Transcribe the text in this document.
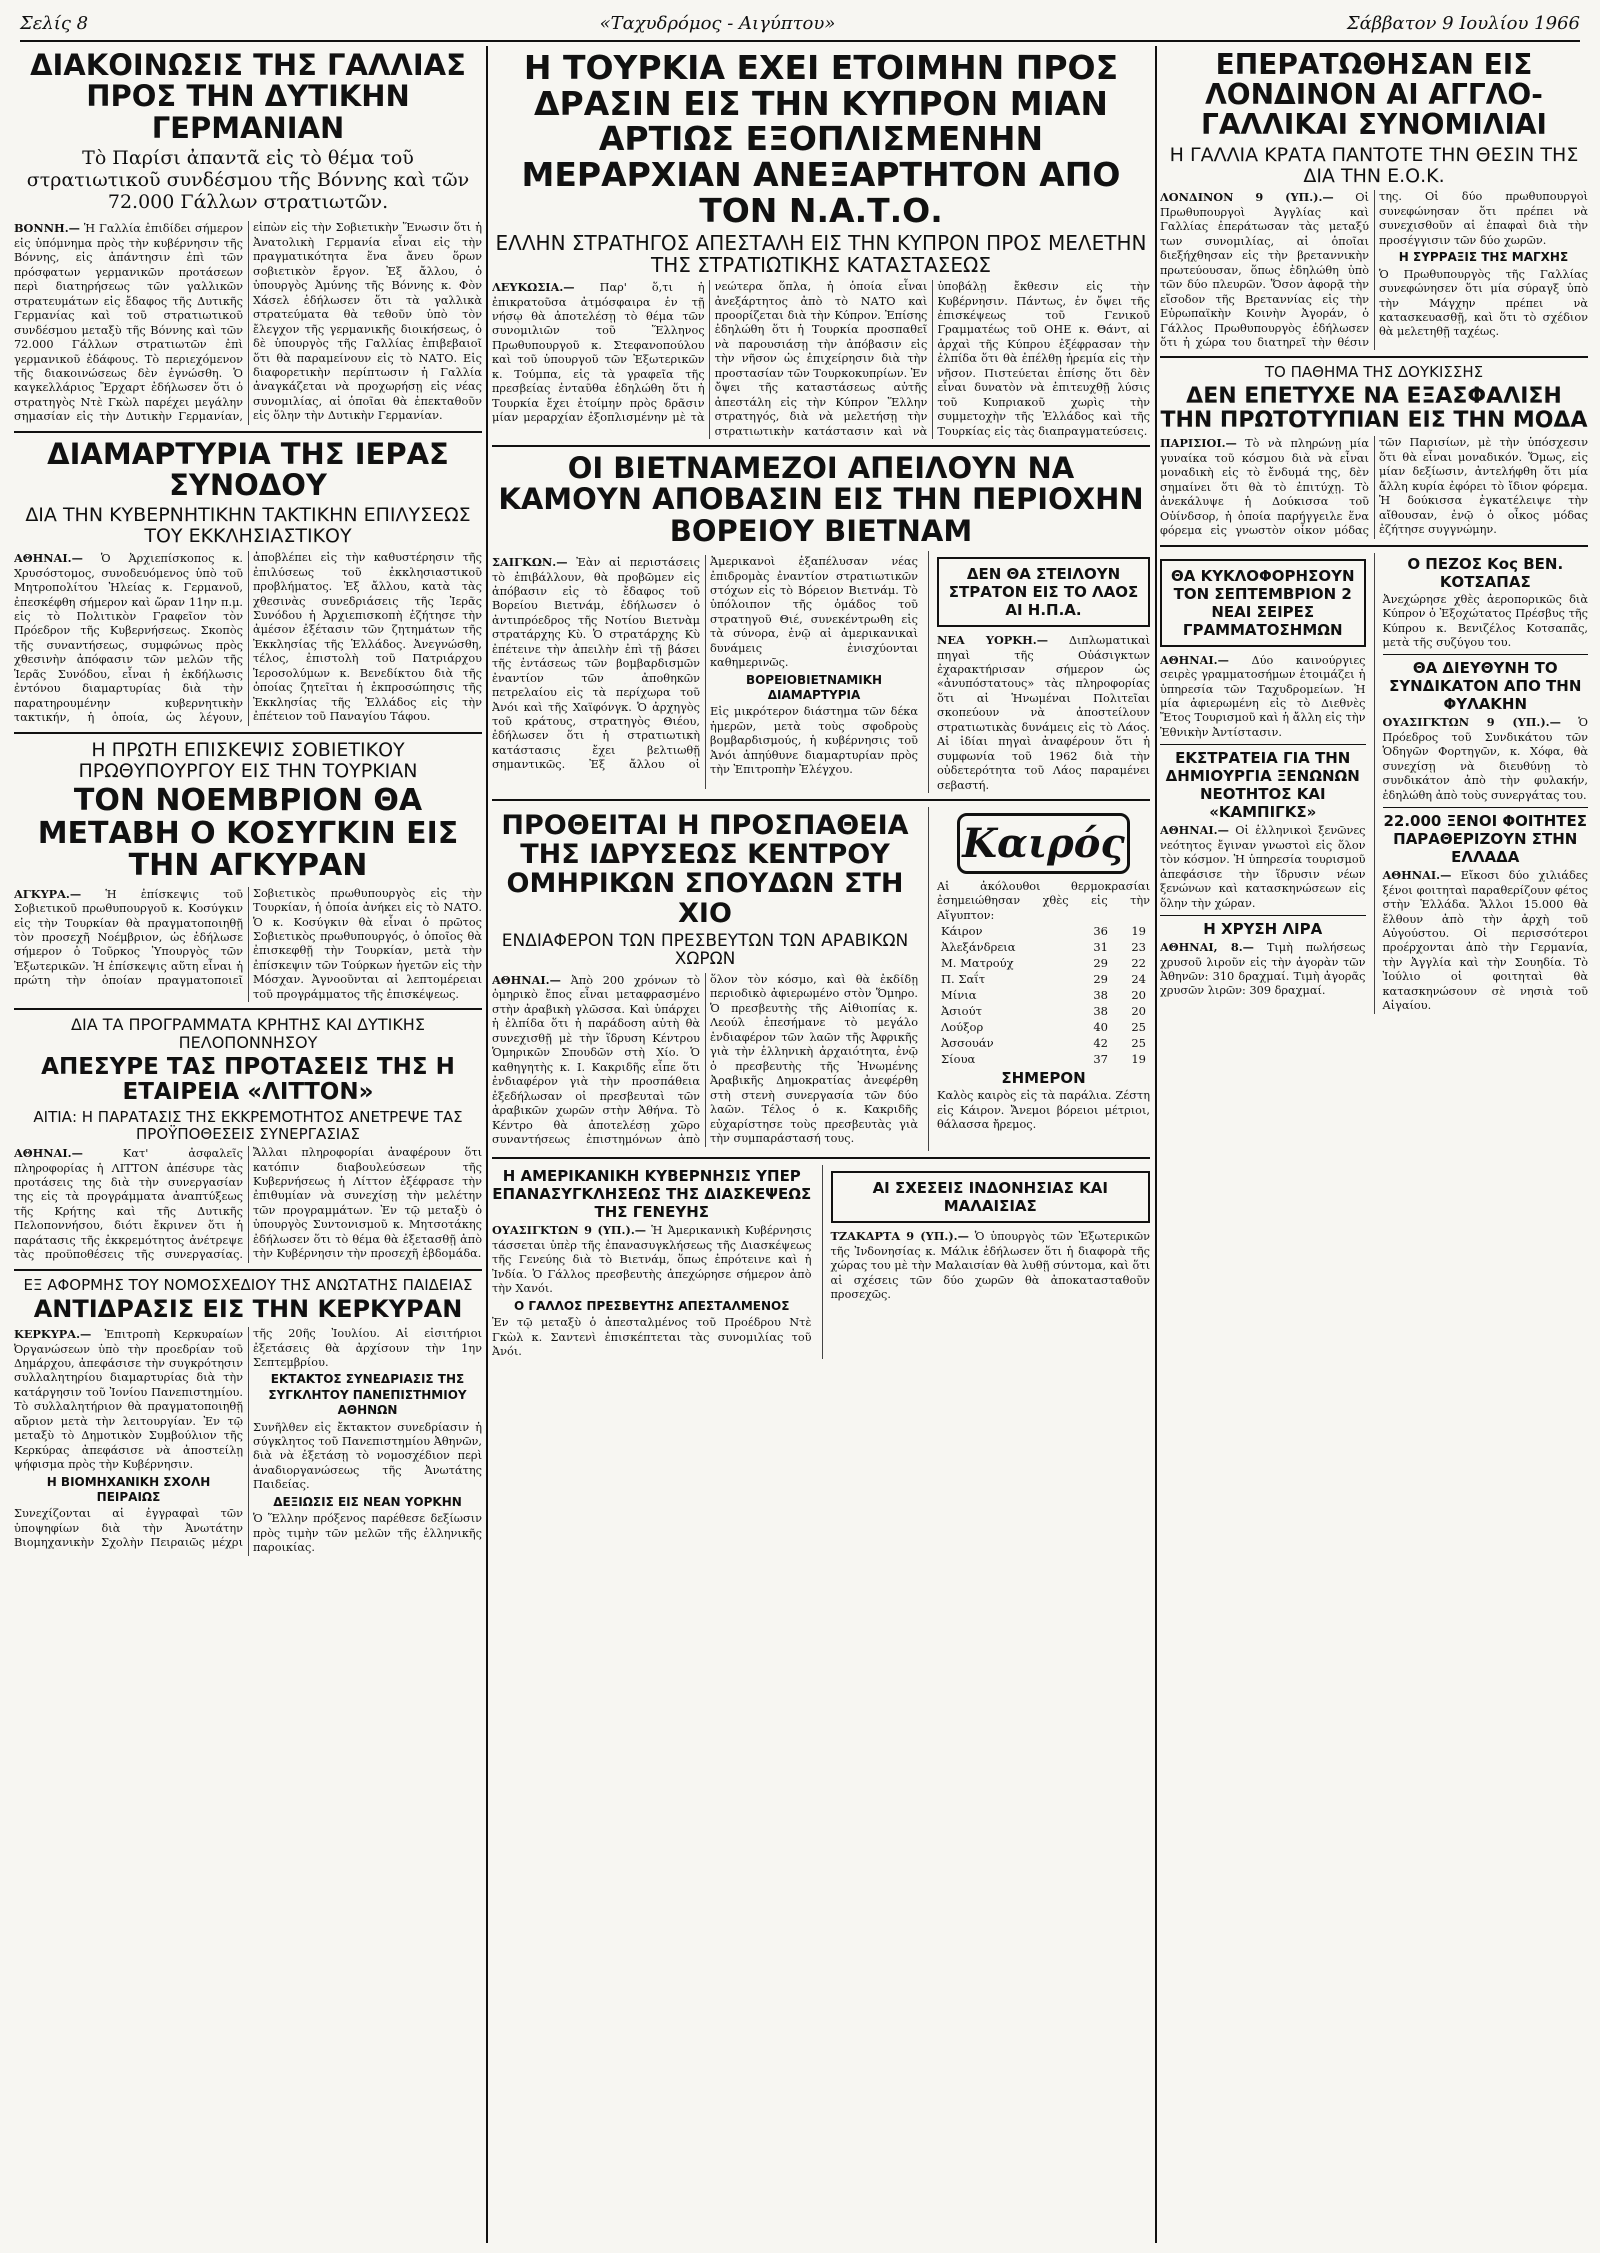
Σελίς 8	«Ταχυδρόμος - Αιγύπτου»	Σάββατον 9 Ιουλίου 1966
ΔΙΑΚΟΙΝΩΣΙΣ ΤΗΣ ΓΑΛΛΙΑΣ ΠΡΟΣ ΤΗΝ ΔΥΤΙΚΗΝ ΓΕΡΜΑΝΙΑΝ
Τὸ Παρίσι ἀπαντᾶ εἰς τὸ θέμα τοῦ στρατιωτικοῦ συνδέσμου τῆς Βόννης καὶ τῶν 72.000 Γάλλων στρατιωτῶν.
ΒΟΝΝΗ.— Ἡ Γαλλία ἐπιδίδει σήμερον εἰς ὑπόμνημα πρὸς τὴν κυβέρνησιν τῆς Βόννης, εἰς ἀπάντησιν ἐπὶ τῶν πρόσφατων γερμανικῶν προτάσεων περὶ διατηρήσεως τῶν γαλλικῶν στρατευμάτων εἰς ἔδαφος τῆς Δυτικῆς Γερμανίας καὶ τοῦ στρατιωτικοῦ συνδέσμου μεταξὺ τῆς Βόννης καὶ τῶν 72.000 Γάλλων στρατιωτῶν ἐπὶ γερμανικοῦ ἐδάφους. Τὸ περιεχόμενον τῆς διακοινώσεως δὲν ἐγνώσθη. Ὁ καγκελλάριος Ἔρχαρτ ἐδήλωσεν ὅτι ὁ στρατηγὸς Ντὲ Γκὼλ παρέχει μεγάλην σημασίαν εἰς τὴν Δυτικὴν Γερμανίαν, εἰπὼν εἰς τὴν Σοβιετικὴν Ἕνωσιν ὅτι ἡ Ἀνατολικὴ Γερμανία εἶναι εἰς τὴν πραγματικότητα ἕνα ἄνευ ὅρων σοβιετικὸν ἔργον. Ἐξ ἄλλου, ὁ ὑπουργὸς Ἀμύνης τῆς Βόννης κ. Φὸν Χάσελ ἐδήλωσεν ὅτι τὰ γαλλικὰ στρατεύματα θὰ τεθοῦν ὑπὸ τὸν ἔλεγχον τῆς γερμανικῆς διοικήσεως, ὁ δὲ ὑπουργὸς τῆς Γαλλίας ἐπιβεβαιοῖ ὅτι θὰ παραμείνουν εἰς τὸ ΝΑΤΟ. Εἰς διαφορετικὴν περίπτωσιν ἡ Γαλλία ἀναγκάζεται νὰ προχωρήσῃ εἰς νέας συνομιλίας, αἱ ὁποῖαι θὰ ἐπεκταθοῦν εἰς ὅλην τὴν Δυτικὴν Γερμανίαν.
ΔΙΑΜΑΡΤΥΡΙΑ ΤΗΣ ΙΕΡΑΣ ΣΥΝΟΔΟΥ
ΔΙΑ ΤΗΝ ΚΥΒΕΡΝΗΤΙΚΗΝ ΤΑΚΤΙΚΗΝ ΕΠΙΛΥΣΕΩΣ ΤΟΥ ΕΚΚΛΗΣΙΑΣΤΙΚΟΥ
ΑΘΗΝΑΙ.— Ὁ Ἀρχιεπίσκοπος κ. Χρυσόστομος, συνοδευόμενος ὑπὸ τοῦ Μητροπολίτου Ἠλείας κ. Γερμανοῦ, ἐπεσκέφθη σήμερον καὶ ὥραν 11ην π.μ. εἰς τὸ Πολιτικὸν Γραφεῖον τὸν Πρόεδρον τῆς Κυβερνήσεως. Σκοπὸς τῆς συναντήσεως, συμφώνως πρὸς χθεσινὴν ἀπόφασιν τῶν μελῶν τῆς Ἱερᾶς Συνόδου, εἶναι ἡ ἐκδήλωσις ἐντόνου διαμαρτυρίας διὰ τὴν παρατηρουμένην κυβερνητικὴν τακτικήν, ἡ ὁποία, ὡς λέγουν, ἀποβλέπει εἰς τὴν καθυστέρησιν τῆς ἐπιλύσεως τοῦ ἐκκλησιαστικοῦ προβλήματος. Ἐξ ἄλλου, κατὰ τὰς χθεσινὰς συνεδριάσεις τῆς Ἱερᾶς Συνόδου ἡ Ἀρχιεπισκοπὴ ἐζήτησε τὴν ἀμέσον ἐξέτασιν τῶν ζητημάτων τῆς Ἐκκλησίας τῆς Ἑλλάδος. Ἀνεγνώσθη, τέλος, ἐπιστολὴ τοῦ Πατριάρχου Ἱεροσολύμων κ. Βενεδίκτου διὰ τῆς ὁποίας ζητεῖται ἡ ἐκπροσώπησις τῆς Ἐκκλησίας τῆς Ἑλλάδος εἰς τὴν ἐπέτειον τοῦ Παναγίου Τάφου.
Η ΠΡΩΤΗ ΕΠΙΣΚΕΨΙΣ ΣΟΒΙΕΤΙΚΟΥ ΠΡΩΘΥΠΟΥΡΓΟΥ ΕΙΣ ΤΗΝ ΤΟΥΡΚΙΑΝ
ΤΟΝ ΝΟΕΜΒΡΙΟΝ ΘΑ ΜΕΤΑΒΗ Ο ΚΟΣΥΓΚΙΝ ΕΙΣ ΤΗΝ ΑΓΚΥΡΑΝ
ΑΓΚΥΡΑ.— Ἡ ἐπίσκεψις τοῦ Σοβιετικοῦ πρωθυπουργοῦ κ. Κοσύγκιν εἰς τὴν Τουρκίαν θὰ πραγματοποιηθῇ τὸν προσεχῆ Νοέμβριον, ὡς ἐδήλωσε σήμερον ὁ Τοῦρκος Ὑπουργὸς τῶν Ἐξωτερικῶν. Ἡ ἐπίσκεψις αὕτη εἶναι ἡ πρώτη τὴν ὁποίαν πραγματοποιεῖ Σοβιετικὸς πρωθυπουργὸς εἰς τὴν Τουρκίαν, ἡ ὁποία ἀνήκει εἰς τὸ ΝΑΤΟ. Ὁ κ. Κοσύγκιν θὰ εἶναι ὁ πρῶτος Σοβιετικὸς πρωθυπουργός, ὁ ὁποῖος θὰ ἐπισκεφθῇ τὴν Τουρκίαν, μετὰ τὴν ἐπίσκεψιν τῶν Τούρκων ἡγετῶν εἰς τὴν Μόσχαν. Ἀγνοοῦνται αἱ λεπτομέρειαι τοῦ προγράμματος τῆς ἐπισκέψεως.
ΔΙΑ ΤΑ ΠΡΟΓΡΑΜΜΑΤΑ ΚΡΗΤΗΣ ΚΑΙ ΔΥΤΙΚΗΣ ΠΕΛΟΠΟΝΝΗΣΟΥ
ΑΠΕΣΥΡΕ ΤΑΣ ΠΡΟΤΑΣΕΙΣ ΤΗΣ Η ΕΤΑΙΡΕΙΑ «ΛΙΤΤΟΝ»
ΑΙΤΙΑ: Η ΠΑΡΑΤΑΣΙΣ ΤΗΣ ΕΚΚΡΕΜΟΤΗΤΟΣ ΑΝΕΤΡΕΨΕ ΤΑΣ ΠΡΟΫΠΟΘΕΣΕΙΣ ΣΥΝΕΡΓΑΣΙΑΣ
ΑΘΗΝΑΙ.—	Κατ' ἀσφαλεῖς πληροφορίας ἡ ΛΙΤΤΟΝ ἀπέσυρε τὰς προτάσεις της διὰ τὴν συνεργασίαν της εἰς τὰ προγράμματα ἀναπτύξεως τῆς Κρήτης καὶ τῆς Δυτικῆς Πελοποννήσου, διότι ἔκρινεν ὅτι ἡ παράτασις τῆς ἐκκρεμότητος ἀνέτρεψε τὰς προϋποθέσεις τῆς συνεργασίας. Ἄλλαι πληροφορίαι ἀναφέρουν ὅτι κατόπιν διαβουλεύσεων τῆς Κυβερνήσεως ἡ Λίττον ἐξέφρασε τὴν ἐπιθυμίαν νὰ συνεχίσῃ τὴν μελέτην τῶν προγραμμάτων. Ἐν τῷ μεταξὺ ὁ ὑπουργὸς Συντονισμοῦ κ. Μητσοτάκης ἐδήλωσεν ὅτι τὸ θέμα θὰ ἐξετασθῇ ἀπὸ τὴν Κυβέρνησιν τὴν προσεχῆ ἑβδομάδα.
ΕΞ ΑΦΟΡΜΗΣ ΤΟΥ ΝΟΜΟΣΧΕΔΙΟΥ ΤΗΣ ΑΝΩΤΑΤΗΣ ΠΑΙΔΕΙΑΣ
ΑΝΤΙΔΡΑΣΙΣ ΕΙΣ ΤΗΝ ΚΕΡΚΥΡΑΝ
ΚΕΡΚΥΡΑ.— Ἐπιτροπὴ Κερκυραίων Ὀργανώσεων ὑπὸ τὴν προεδρίαν τοῦ Δημάρχου, ἀπεφάσισε τὴν συγκρότησιν συλλαλητηρίου διαμαρτυρίας διὰ τὴν κατάργησιν τοῦ Ἰονίου Πανεπιστημίου. Τὸ συλλαλητήριον θὰ πραγματοποιηθῇ αὔριον μετὰ τὴν λειτουργίαν. Ἐν τῷ μεταξὺ τὸ Δημοτικὸν Συμβούλιον τῆς Κερκύρας ἀπεφάσισε νὰ ἀποστείλῃ ψήφισμα πρὸς τὴν Κυβέρνησιν.
Η ΒΙΟΜΗΧΑΝΙΚΗ ΣΧΟΛΗ ΠΕΙΡΑΙΩΣ
Συνεχίζονται αἱ ἐγγραφαὶ τῶν ὑποψηφίων διὰ τὴν Ἀνωτάτην Βιομηχανικὴν Σχολὴν Πειραιῶς μέχρι τῆς 20ῆς Ἰουλίου. Αἱ εἰσιτήριοι ἐξετάσεις θὰ ἀρχίσουν τὴν 1ην Σεπτεμβρίου.
ΕΚΤΑΚΤΟΣ ΣΥΝΕΔΡΙΑΣΙΣ ΤΗΣ ΣΥΓΚΛΗΤΟΥ ΠΑΝΕΠΙΣΤΗΜΙΟΥ ΑΘΗΝΩΝ
Συνῆλθεν εἰς ἔκτακτον συνεδρίασιν ἡ σύγκλητος τοῦ Πανεπιστημίου Ἀθηνῶν, διὰ νὰ ἐξετάσῃ τὸ νομοσχέδιον περὶ ἀναδιοργανώσεως τῆς Ἀνωτάτης Παιδείας.
ΔΕΞΙΩΣΙΣ ΕΙΣ ΝΕΑΝ ΥΟΡΚΗΝ
Ὁ Ἕλλην πρόξενος παρέθεσε δεξίωσιν πρὸς τιμὴν τῶν μελῶν τῆς ἑλληνικῆς παροικίας.
Η ΤΟΥΡΚΙΑ ΕΧΕΙ ΕΤΟΙΜΗΝ ΠΡΟΣ ΔΡΑΣΙΝ ΕΙΣ ΤΗΝ ΚΥΠΡΟΝ ΜΙΑΝ ΑΡΤΙΩΣ ΕΞΟΠΛΙΣΜΕΝΗΝ ΜΕΡΑΡΧΙΑΝ ΑΝΕΞΑΡΤΗΤΟΝ ΑΠΟ ΤΟΝ Ν.Α.Τ.Ο.
ΕΛΛΗΝ ΣΤΡΑΤΗΓΟΣ ΑΠΕΣΤΑΛΗ ΕΙΣ ΤΗΝ ΚΥΠΡΟΝ ΠΡΟΣ ΜΕΛΕΤΗΝ ΤΗΣ ΣΤΡΑΤΙΩΤΙΚΗΣ ΚΑΤΑΣΤΑΣΕΩΣ
ΛΕΥΚΩΣΙΑ.— Παρ' ὅ,τι ἡ ἐπικρατοῦσα ἀτμόσφαιρα ἐν τῇ νήσῳ θὰ ἀποτελέσῃ τὸ θέμα τῶν συνομιλιῶν τοῦ Ἕλληνος Πρωθυπουργοῦ κ. Στεφανοπούλου καὶ τοῦ ὑπουργοῦ τῶν Ἐξωτερικῶν κ. Τούμπα, εἰς τὰ γραφεῖα τῆς πρεσβείας ἐνταῦθα ἐδηλώθη ὅτι ἡ Τουρκία ἔχει ἑτοίμην πρὸς δρᾶσιν μίαν μεραρχίαν ἐξοπλισμένην μὲ τὰ νεώτερα ὅπλα, ἡ ὁποία εἶναι ἀνεξάρτητος ἀπὸ τὸ ΝΑΤΟ καὶ προορίζεται διὰ τὴν Κύπρον. Ἐπίσης ἐδηλώθη ὅτι ἡ Τουρκία προσπαθεῖ νὰ παρουσιάσῃ τὴν ἀπόβασιν εἰς τὴν νῆσον ὡς ἐπιχείρησιν διὰ τὴν προστασίαν τῶν Τουρκοκυπρίων. Ἐν ὄψει τῆς καταστάσεως αὐτῆς ἀπεστάλη εἰς τὴν Κύπρον Ἕλλην στρατηγός, διὰ νὰ μελετήσῃ τὴν στρατιωτικὴν κατάστασιν καὶ νὰ ὑποβάλῃ ἔκθεσιν εἰς τὴν Κυβέρνησιν. Πάντως, ἐν ὄψει τῆς ἐπισκέψεως τοῦ Γενικοῦ Γραμματέως τοῦ ΟΗΕ κ. Θάντ, αἱ ἀρχαὶ τῆς Κύπρου ἐξέφρασαν τὴν ἐλπίδα ὅτι θὰ ἐπέλθῃ ἠρεμία εἰς τὴν νῆσον. Πιστεύεται ἐπίσης ὅτι δὲν εἶναι δυνατὸν νὰ ἐπιτευχθῇ λύσις τοῦ Κυπριακοῦ χωρὶς τὴν συμμετοχὴν τῆς Ἑλλάδος καὶ τῆς Τουρκίας εἰς τὰς διαπραγματεύσεις.
ΟΙ ΒΙΕΤΝΑΜΕΖΟΙ ΑΠΕΙΛΟΥΝ ΝΑ ΚΑΜΟΥΝ ΑΠΟΒΑΣΙΝ ΕΙΣ ΤΗΝ ΠΕΡΙΟΧΗΝ ΒΟΡΕΙΟΥ ΒΙΕΤΝΑΜ
ΣΑΙΓΚΩΝ.— Ἐὰν αἱ περιστάσεις τὸ ἐπιβάλλουν, θὰ προβῶμεν εἰς ἀπόβασιν εἰς τὸ ἔδαφος τοῦ Βορείου Βιετνάμ, ἐδήλωσεν ὁ ἀντιπρόεδρος τῆς Νοτίου Βιετνὰμ στρατάρχης Κὺ. Ὁ στρατάρχης Κὺ ἐπέτεινε τὴν ἀπειλὴν ἐπὶ τῇ βάσει τῆς ἐντάσεως τῶν βομβαρδισμῶν ἐναντίον τῶν ἀποθηκῶν πετρελαίου εἰς τὰ περίχωρα τοῦ Ἀνόι καὶ τῆς Χαϊφόνγκ. Ὁ ἀρχηγὸς τοῦ κράτους, στρατηγὸς Θιέου, ἐδήλωσεν ὅτι ἡ στρατιωτικὴ κατάστασις ἔχει βελτιωθῇ σημαντικῶς. Ἐξ ἄλλου οἱ Ἀμερικανοὶ ἐξαπέλυσαν νέας ἐπιδρομὰς ἐναντίον στρατιωτικῶν στόχων εἰς τὸ Βόρειον Βιετνάμ. Τὸ ὑπόλοιπον τῆς ὁμάδος τοῦ στρατηγοῦ Θιέ, συνεκέντρωθη εἰς τὰ σύνορα, ἐνῷ αἱ ἀμερικανικαὶ δυνάμεις ἐνισχύονται καθημερινῶς.
ΒΟΡΕΙΟΒΙΕΤΝΑΜΙΚΗ ΔΙΑΜΑΡΤΥΡΙΑ
Εἰς μικρότερον διάστημα τῶν δέκα ἡμερῶν, μετὰ τοὺς σφοδροὺς βομβαρδισμούς, ἡ κυβέρνησις τοῦ Ἀνόι ἀπηύθυνε διαμαρτυρίαν πρὸς τὴν Ἐπιτροπὴν Ἐλέγχου.
ΔΕΝ ΘΑ ΣΤΕΙΛΟΥΝ ΣΤΡΑΤΟΝ ΕΙΣ ΤΟ ΛΑΟΣ ΑΙ Η.Π.Α.
ΝΕΑ ΥΟΡΚΗ.— Διπλωματικαὶ πηγαὶ τῆς Οὐάσιγκτων ἐχαρακτήρισαν σήμερον ὡς «ἀνυπόστατους» τὰς πληροφορίας ὅτι αἱ Ἡνωμέναι Πολιτεῖαι σκοπεύουν νὰ ἀποστείλουν στρατιωτικὰς δυνάμεις εἰς τὸ Λάος. Αἱ ἰδίαι πηγαὶ ἀναφέρουν ὅτι ἡ συμφωνία τοῦ 1962 διὰ τὴν οὐδετερότητα τοῦ Λάος παραμένει σεβαστή.
ΠΡΟΘΕΙΤΑΙ Η ΠΡΟΣΠΑΘΕΙΑ ΤΗΣ ΙΔΡΥΣΕΩΣ ΚΕΝΤΡΟΥ ΟΜΗΡΙΚΩΝ ΣΠΟΥΔΩΝ ΣΤΗ ΧΙΟ
ΕΝΔΙΑΦΕΡΟΝ ΤΩΝ ΠΡΕΣΒΕΥΤΩΝ ΤΩΝ ΑΡΑΒΙΚΩΝ ΧΩΡΩΝ
ΑΘΗΝΑΙ.— Ἀπὸ 200 χρόνων τὸ ὁμηρικὸ ἔπος εἶναι μεταφρασμένο στὴν ἀραβικὴ γλῶσσα. Καὶ ὑπάρχει ἡ ἐλπίδα ὅτι ἡ παράδοση αὐτὴ θὰ συνεχισθῇ μὲ τὴν ἵδρυση Κέντρου Ὁμηρικῶν Σπουδῶν στὴ Χίο. Ὁ καθηγητὴς κ. Ι. Κακριδῆς εἶπε ὅτι ἐνδιαφέρον γιὰ τὴν προσπάθεια ἐξεδήλωσαν οἱ πρεσβευταὶ τῶν ἀραβικῶν χωρῶν στὴν Ἀθήνα. Τὸ Κέντρο θὰ ἀποτελέσῃ χῶρο συναντήσεως ἐπιστημόνων ἀπὸ ὅλον τὸν κόσμο, καὶ θὰ ἐκδίδῃ περιοδικὸ ἀφιερωμένο στὸν Ὅμηρο. Ὁ πρεσβευτὴς τῆς Αἰθιοπίας κ. Λεούλ ἐπεσήμανε τὸ μεγάλο ἐνδιαφέρον τῶν λαῶν τῆς Ἀφρικῆς γιὰ τὴν ἑλληνικὴ ἀρχαιότητα, ἐνῷ ὁ πρεσβευτὴς τῆς Ἡνωμένης Ἀραβικῆς Δημοκρατίας ἀνεφέρθη στὴ στενὴ συνεργασία τῶν δύο λαῶν. Τέλος ὁ κ. Κακριδῆς εὐχαρίστησε τοὺς πρεσβευτὰς γιὰ τὴν συμπαράστασή τους.
Καιρός
Αἱ ἀκόλουθοι θερμοκρασίαι ἐσημειώθησαν χθὲς εἰς τὴν Αἴγυπτον:
Κάιρον	36	19
Ἀλεξάνδρεια	31	23
Μ. Ματρούχ	29	22
Π. Σαΐτ	29	24
Μίνια	38	20
Ἀσιούτ	38	20
Λούξορ	40	25
Ἀσσουάν	42	25
Σίουα	37	19
ΣΗΜΕΡΟΝ
Καλὸς καιρὸς εἰς τὰ παράλια. Ζέστη εἰς Κάιρον. Ἄνεμοι βόρειοι μέτριοι, θάλασσα ἤρεμος.
Η ΑΜΕΡΙΚΑΝΙΚΗ ΚΥΒΕΡΝΗΣΙΣ ΥΠΕΡ ΕΠΑΝΑΣΥΓΚΛΗΣΕΩΣ ΤΗΣ ΔΙΑΣΚΕΨΕΩΣ ΤΗΣ ΓΕΝΕΥΗΣ
ΟΥΑΣΙΓΚΤΩΝ 9 (ΥΠ.).— Ἡ Ἀμερικανικὴ Κυβέρνησις τάσσεται ὑπὲρ τῆς ἐπανασυγκλήσεως τῆς Διασκέψεως τῆς Γενεύης διὰ τὸ Βιετνάμ, ὅπως ἐπρότεινε καὶ ἡ Ἰνδία. Ὁ Γάλλος πρεσβευτὴς ἀπεχώρησε σήμερον ἀπὸ τὴν Χανόι.
Ο ΓΑΛΛΟΣ ΠΡΕΣΒΕΥΤΗΣ ΑΠΕΣΤΑΛΜΕΝΟΣ
Ἐν τῷ μεταξὺ ὁ ἀπεσταλμένος τοῦ Προέδρου Ντὲ Γκὼλ κ. Σαντενὶ ἐπισκέπτεται τὰς συνομιλίας τοῦ Ἀνόι.
ΑΙ ΣΧΕΣΕΙΣ ΙΝΔΟΝΗΣΙΑΣ ΚΑΙ ΜΑΛΑΙΣΙΑΣ
ΤΖΑΚΑΡΤΑ 9 (ΥΠ.).— Ὁ ὑπουργὸς τῶν Ἐξωτερικῶν τῆς Ἰνδονησίας κ. Μάλικ ἐδήλωσεν ὅτι ἡ διαφορὰ τῆς χώρας του μὲ τὴν Μαλαισίαν θὰ λυθῇ σύντομα, καὶ ὅτι αἱ σχέσεις τῶν δύο χωρῶν θὰ ἀποκατασταθοῦν προσεχῶς.
ΕΠΕΡΑΤΩΘΗΣΑΝ ΕΙΣ ΛΟΝΔΙΝΟΝ ΑΙ ΑΓΓΛΟ-ΓΑΛΛΙΚΑΙ ΣΥΝΟΜΙΛΙΑΙ
Η ΓΑΛΛΙΑ ΚΡΑΤΑ ΠΑΝΤΟΤΕ ΤΗΝ ΘΕΣΙΝ ΤΗΣ ΔΙΑ ΤΗΝ Ε.Ο.Κ.
ΛΟΝΔΙΝΟΝ 9 (ΥΠ.).— Οἱ Πρωθυπουργοὶ Ἀγγλίας καὶ Γαλλίας ἐπεράτωσαν τὰς μεταξύ των συνομιλίας, αἱ ὁποῖαι διεξήχθησαν εἰς τὴν βρεταννικὴν πρωτεύουσαν, ὅπως ἐδηλώθη ὑπὸ τῶν δύο πλευρῶν. Ὅσον ἀφορᾷ τὴν εἴσοδον τῆς Βρεταννίας εἰς τὴν Εὐρωπαϊκὴν Κοινὴν Ἀγοράν, ὁ Γάλλος Πρωθυπουργὸς ἐδήλωσεν ὅτι ἡ χώρα του διατηρεῖ τὴν θέσιν της. Οἱ δύο πρωθυπουργοὶ συνεφώνησαν ὅτι πρέπει νὰ συνεχισθοῦν αἱ ἐπαφαὶ διὰ τὴν προσέγγισιν τῶν δύο χωρῶν.
Η ΣΥΡΡΑΞΙΣ ΤΗΣ ΜΑΓΧΗΣ
Ὁ Πρωθυπουργὸς τῆς Γαλλίας συνεφώνησεν ὅτι μία σύραγξ ὑπὸ τὴν Μάγχην πρέπει νὰ κατασκευασθῇ, καὶ ὅτι τὸ σχέδιον θὰ μελετηθῇ ταχέως.
ΤΟ ΠΑΘΗΜΑ ΤΗΣ ΔΟΥΚΙΣΣΗΣ
ΔΕΝ ΕΠΕΤΥΧΕ ΝΑ ΕΞΑΣΦΑΛΙΣΗ ΤΗΝ ΠΡΩΤΟΤΥΠΙΑΝ ΕΙΣ ΤΗΝ ΜΟΔΑ
ΠΑΡΙΣΙΟΙ.— Τὸ νὰ πληρώνῃ μία γυναίκα τοῦ κόσμου διὰ νὰ εἶναι μοναδικὴ εἰς τὸ ἔνδυμά της, δὲν σημαίνει ὅτι θὰ τὸ ἐπιτύχῃ. Τὸ ἀνεκάλυψε ἡ Δούκισσα τοῦ Οὐίνδσορ, ἡ ὁποία παρήγγειλε ἕνα φόρεμα εἰς γνωστὸν οἶκον μόδας τῶν Παρισίων, μὲ τὴν ὑπόσχεσιν ὅτι θὰ εἶναι μοναδικόν. Ὅμως, εἰς μίαν δεξίωσιν, ἀντελήφθη ὅτι μία ἄλλη κυρία ἐφόρει τὸ ἴδιον φόρεμα. Ἡ δούκισσα ἐγκατέλειψε τὴν αἴθουσαν, ἐνῷ ὁ οἶκος μόδας ἐζήτησε συγγνώμην.
ΘΑ ΚΥΚΛΟΦΟΡΗΣΟΥΝ ΤΟΝ ΣΕΠΤΕΜΒΡΙΟΝ 2 ΝΕΑΙ ΣΕΙΡΕΣ ΓΡΑΜΜΑΤΟΣΗΜΩΝ
ΑΘΗΝΑΙ.— Δύο καινούργιες σειρὲς γραμματοσήμων ἑτοιμάζει ἡ ὑπηρεσία τῶν Ταχυδρομείων. Ἡ μία ἀφιερωμένη εἰς τὸ Διεθνὲς Ἔτος Τουρισμοῦ καὶ ἡ ἄλλη εἰς τὴν Ἐθνικὴν Ἀντίστασιν.
ΕΚΣΤΡΑΤΕΙΑ ΓΙΑ ΤΗΝ ΔΗΜΙΟΥΡΓΙΑ ΞΕΝΩΝΩΝ ΝΕΟΤΗΤΟΣ ΚΑΙ «ΚΑΜΠΙΓΚΣ»
ΑΘΗΝΑΙ.— Οἱ ἑλληνικοὶ ξενῶνες νεότητος ἔγιναν γνωστοὶ εἰς ὅλον τὸν κόσμον. Ἡ ὑπηρεσία τουρισμοῦ ἀπεφάσισε τὴν ἵδρυσιν νέων ξενώνων καὶ κατασκηνώσεων εἰς ὅλην τὴν χώραν.
Η ΧΡΥΣΗ ΛΙΡΑ
ΑΘΗΝΑΙ, 8.— Τιμὴ πωλήσεως χρυσοῦ λιροῦν εἰς τὴν ἀγορὰν τῶν Ἀθηνῶν: 310 δραχμαί. Τιμὴ ἀγορᾶς χρυσῶν λιρῶν: 309 δραχμαί.
Ο ΠΕΖΟΣ Κος ΒΕΝ. ΚΟΤΣΑΠΑΣ
Ἀνεχώρησε χθὲς ἀεροπορικῶς διὰ Κύπρον ὁ Ἐξοχώτατος Πρέσβυς τῆς Κύπρου κ. Βενιζέλος Κοτσαπᾶς, μετὰ τῆς συζύγου του.
ΘΑ ΔΙΕΥΘΥΝΗ ΤΟ ΣΥΝΔΙΚΑΤΟΝ ΑΠΟ ΤΗΝ ΦΥΛΑΚΗΝ
ΟΥΑΣΙΓΚΤΩΝ 9 (ΥΠ.).— Ὁ Πρόεδρος τοῦ Συνδικάτου τῶν Ὁδηγῶν Φορτηγῶν, κ. Χόφα, θὰ συνεχίσῃ νὰ διευθύνῃ τὸ συνδικάτον ἀπὸ τὴν φυλακήν, ἐδηλώθη ἀπὸ τοὺς συνεργάτας του.
22.000 ΞΕΝΟΙ ΦΟΙΤΗΤΕΣ ΠΑΡΑΘΕΡΙΖΟΥΝ ΣΤΗΝ ΕΛΛΑΔΑ
ΑΘΗΝΑΙ.— Εἴκοσι δύο χιλιάδες ξένοι φοιτηταὶ παραθερίζουν φέτος στὴν Ἑλλάδα. Ἄλλοι 15.000 θὰ ἔλθουν ἀπὸ τὴν ἀρχὴ τοῦ Αὐγούστου. Οἱ περισσότεροι προέρχονται ἀπὸ τὴν Γερμανία, τὴν Ἀγγλία καὶ τὴν Σουηδία. Τὸ Ἰούλιο οἱ φοιτηταὶ θὰ κατασκηνώσουν σὲ νησιὰ τοῦ Αἰγαίου.
